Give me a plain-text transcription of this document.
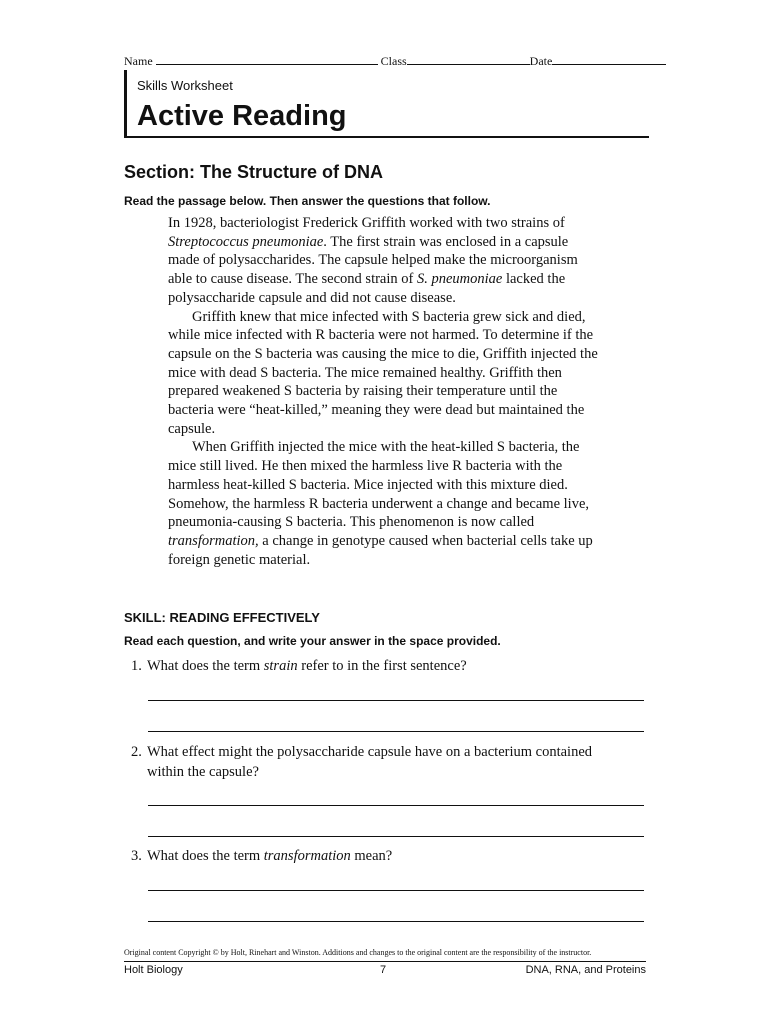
Name	Class	Date
Skills Worksheet
Active Reading
Section: The Structure of DNA
Read the passage below. Then answer the questions that follow.

In 1928, bacteriologist Frederick Griffith worked with two strains of Streptococcus pneumoniae. The first strain was enclosed in a capsule made of polysaccharides. The capsule helped make the microorganism able to cause disease. The second strain of S. pneumoniae lacked the polysaccharide capsule and did not cause disease.

Griffith knew that mice infected with S bacteria grew sick and died, while mice infected with R bacteria were not harmed. To determine if the capsule on the S bacteria was causing the mice to die, Griffith injected the mice with dead S bacteria. The mice remained healthy. Griffith then prepared weakened S bacteria by raising their temperature until the bacteria were “heat-killed,” meaning they were dead but maintained the capsule.

When Griffith injected the mice with the heat-killed S bacteria, the mice still lived. He then mixed the harmless live R bacteria with the harmless heat-killed S bacteria. Mice injected with this mixture died. Somehow, the harmless R bacteria underwent a change and became live, pneumonia-causing S bacteria. This phenomenon is now called transformation, a change in genotype caused when bacterial cells take up foreign genetic material.

SKILL: READING EFFECTIVELY
Read each question, and write your answer in the space provided.
1. What does the term strain refer to in the first sentence?
2. What effect might the polysaccharide capsule have on a bacterium contained
within the capsule?
3. What does the term transformation mean?
Original content Copyright © by Holt, Rinehart and Winston. Additions and changes to the original content are the responsibility of the instructor.
Holt Biology	7	DNA, RNA, and Proteins
